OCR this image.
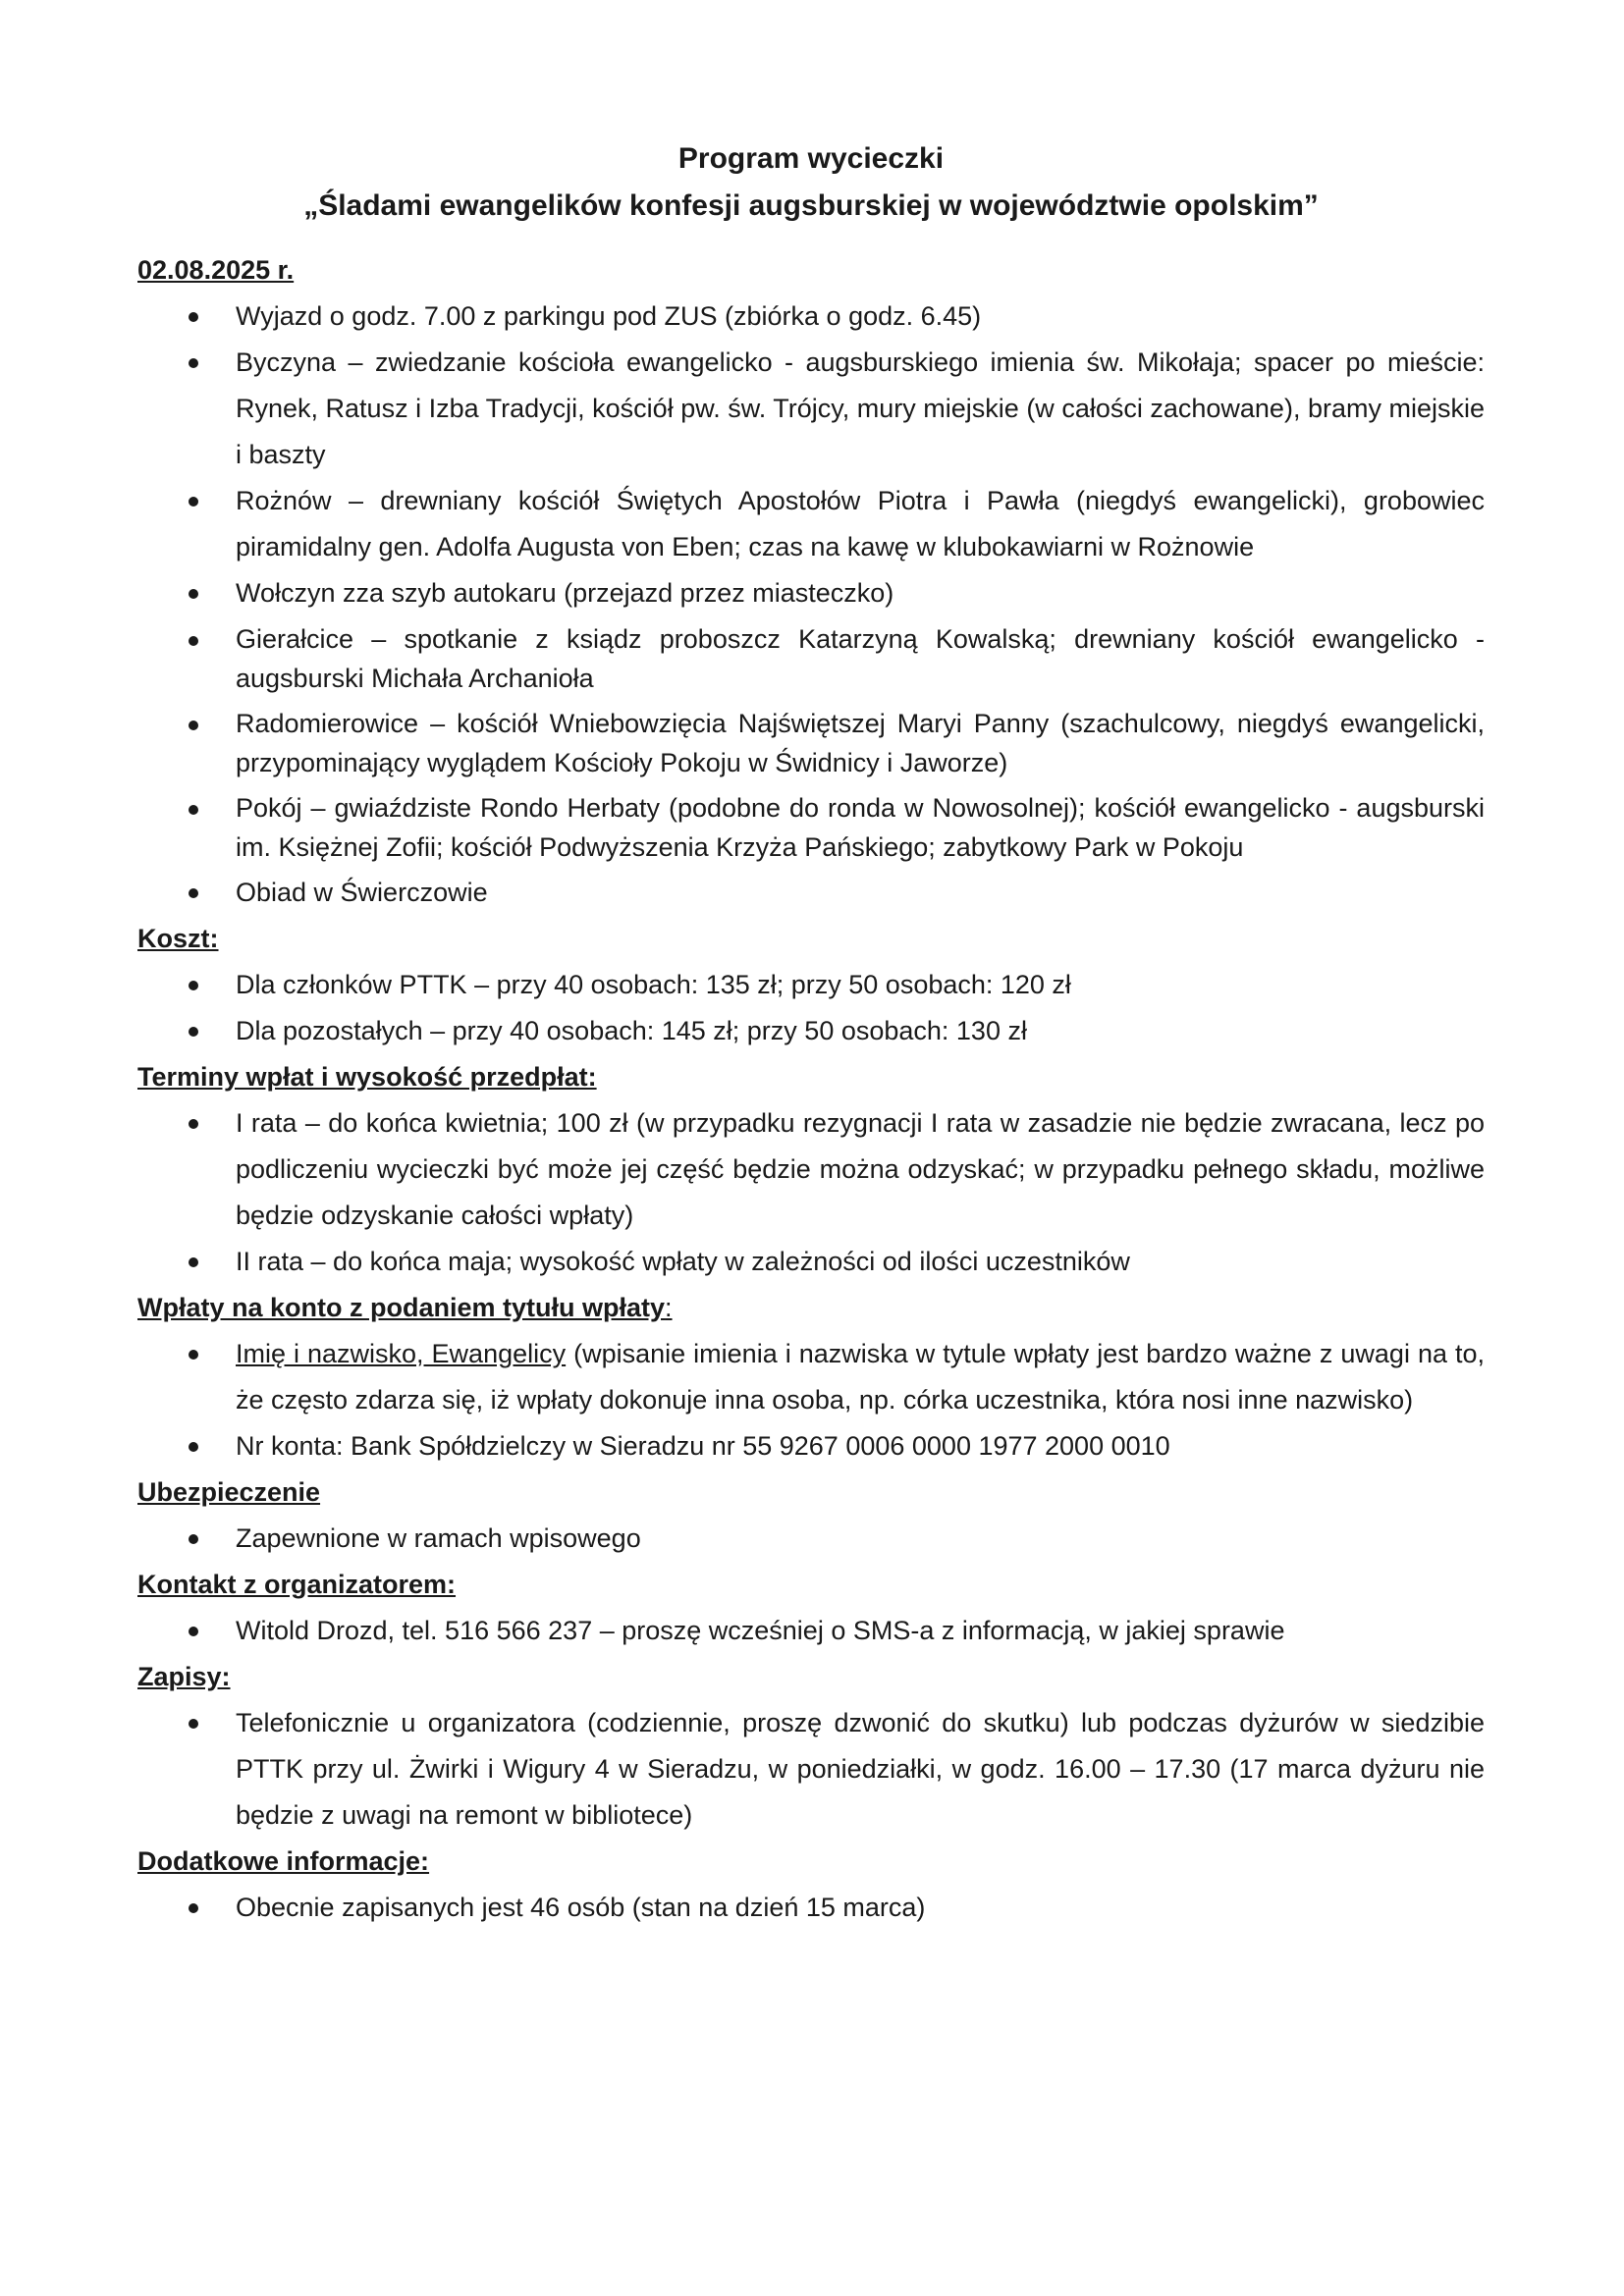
Program wycieczki

„Śladami ewangelików konfesji augsburskiej w województwie opolskim”

02.08.2025 r.

Wyjazd o godz. 7.00 z parkingu pod ZUS (zbiórka o godz. 6.45)
Byczyna – zwiedzanie kościoła ewangelicko - augsburskiego imienia św. Mikołaja; spacer po mieście: Rynek, Ratusz i Izba Tradycji, kościół pw. św. Trójcy, mury miejskie (w całości zachowane), bramy miejskie i baszty
Rożnów – drewniany kościół Świętych Apostołów Piotra i Pawła (niegdyś ewangelicki), grobowiec piramidalny gen. Adolfa Augusta von Eben; czas na kawę w klubokawiarni w Rożnowie
Wołczyn zza szyb autokaru (przejazd przez miasteczko)
Gierałcice – spotkanie z ksiądz proboszcz Katarzyną Kowalską; drewniany kościół ewangelicko - augsburski Michała Archanioła
Radomierowice – kościół Wniebowzięcia Najświętszej Maryi Panny (szachulcowy, niegdyś ewangelicki, przypominający wyglądem Kościoły Pokoju w Świdnicy i Jaworze)
Pokój – gwiaździste Rondo Herbaty (podobne do ronda w Nowosolnej); kościół ewangelicko - augsburski im. Księżnej Zofii; kościół Podwyższenia Krzyża Pańskiego; zabytkowy Park w Pokoju
Obiad w Świerczowie

Koszt:

Dla członków PTTK – przy 40 osobach: 135 zł; przy 50 osobach: 120 zł
Dla pozostałych – przy 40 osobach: 145 zł; przy 50 osobach: 130 zł

Terminy wpłat i wysokość przedpłat:

I rata – do końca kwietnia; 100 zł (w przypadku rezygnacji I rata w zasadzie nie będzie zwracana, lecz po podliczeniu wycieczki być może jej część będzie można odzyskać; w przypadku pełnego składu, możliwe będzie odzyskanie całości wpłaty)
II rata – do końca maja; wysokość wpłaty w zależności od ilości uczestników

Wpłaty na konto z podaniem tytułu wpłaty:

Imię i nazwisko, Ewangelicy (wpisanie imienia i nazwiska w tytule wpłaty jest bardzo ważne z uwagi na to, że często zdarza się, iż wpłaty dokonuje inna osoba, np. córka uczestnika, która nosi inne nazwisko)
Nr konta: Bank Spółdzielczy w Sieradzu nr 55 9267 0006 0000 1977 2000 0010

Ubezpieczenie

Zapewnione w ramach wpisowego

Kontakt z organizatorem:

Witold Drozd, tel. 516 566 237 – proszę wcześniej o SMS-a z informacją, w jakiej sprawie

Zapisy:

Telefonicznie u organizatora (codziennie, proszę dzwonić do skutku) lub podczas dyżurów w siedzibie PTTK przy ul. Żwirki i Wigury 4 w Sieradzu, w poniedziałki, w godz. 16.00 – 17.30 (17 marca dyżuru nie będzie z uwagi na remont w bibliotece)

Dodatkowe informacje:

Obecnie zapisanych jest 46 osób (stan na dzień 15 marca)
